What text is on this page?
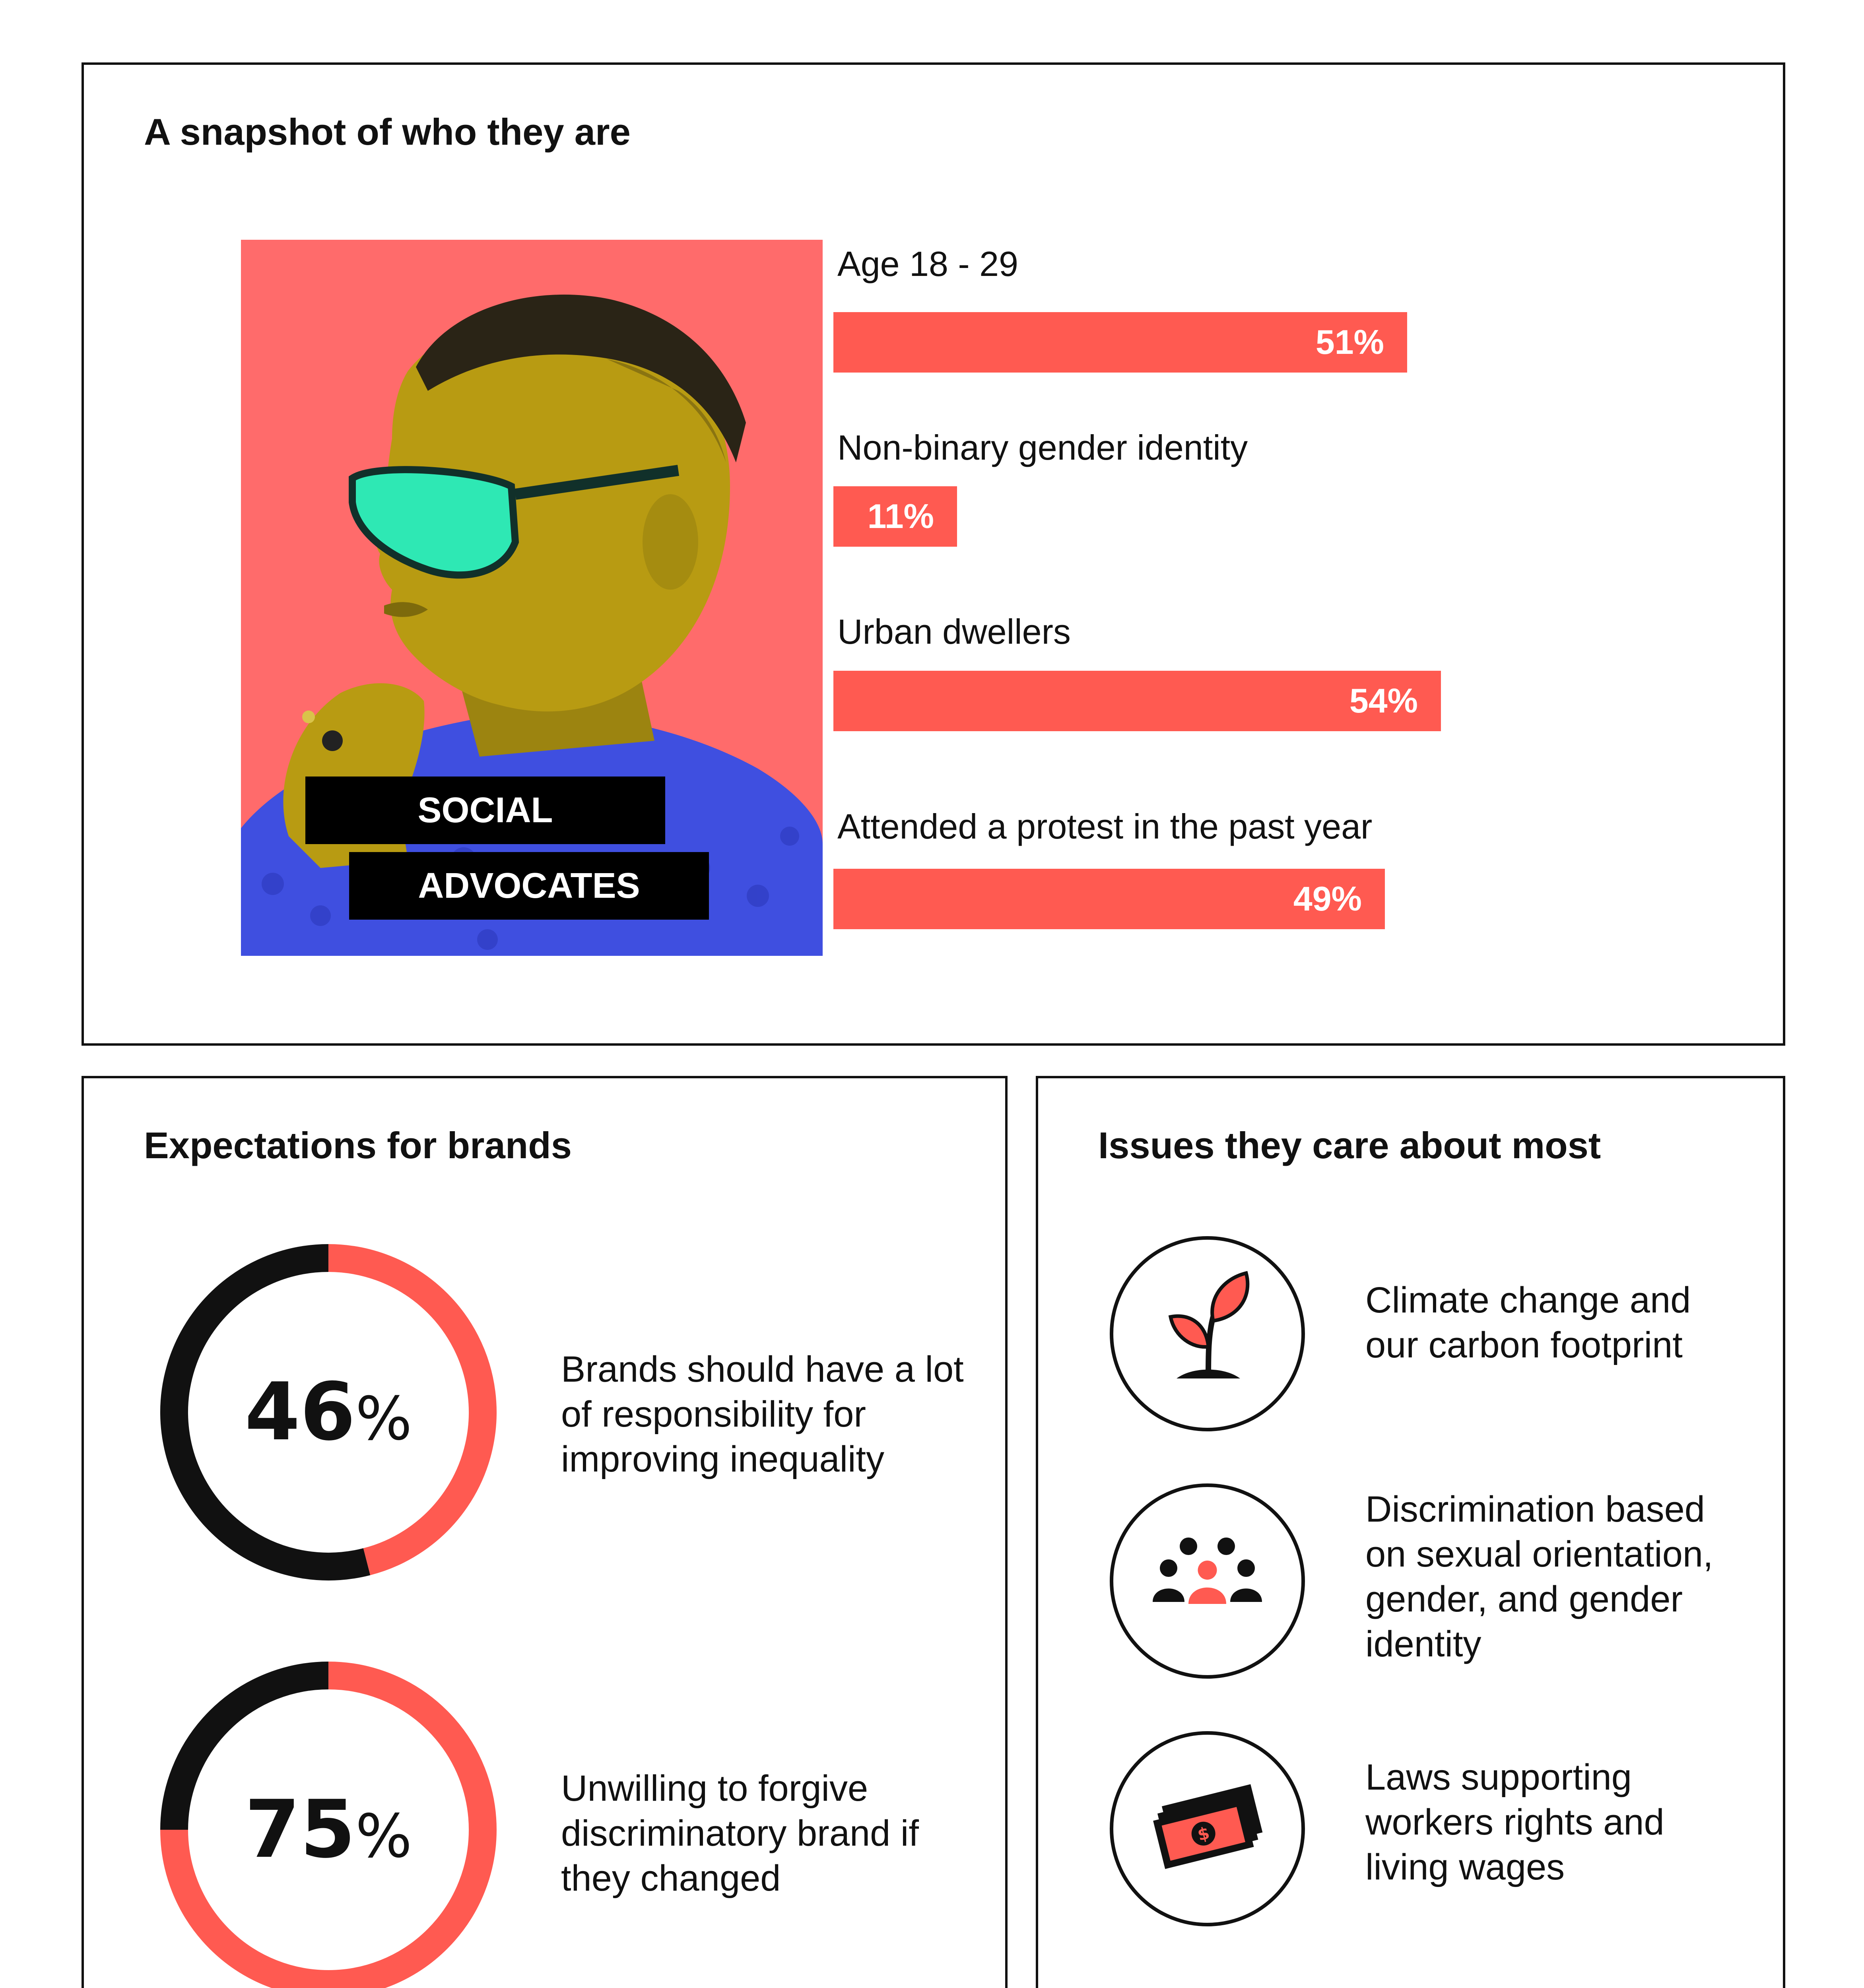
A snapshot of who they are
SOCIAL
ADVOCATES
Age 18 - 29
51%
Non-binary gender identity
11%
Urban dwellers
54%
Attended a protest in the past year
49%
Expectations for brands
46%
Brands should have a lot of responsibility for improving inequality
75%
Unwilling to forgive discriminatory brand if they changed
Issues they care about most
Climate change and our carbon footprint
Discrimination based on sexual orientation, gender, and gender identity
$
Laws supporting workers rights and living wages
